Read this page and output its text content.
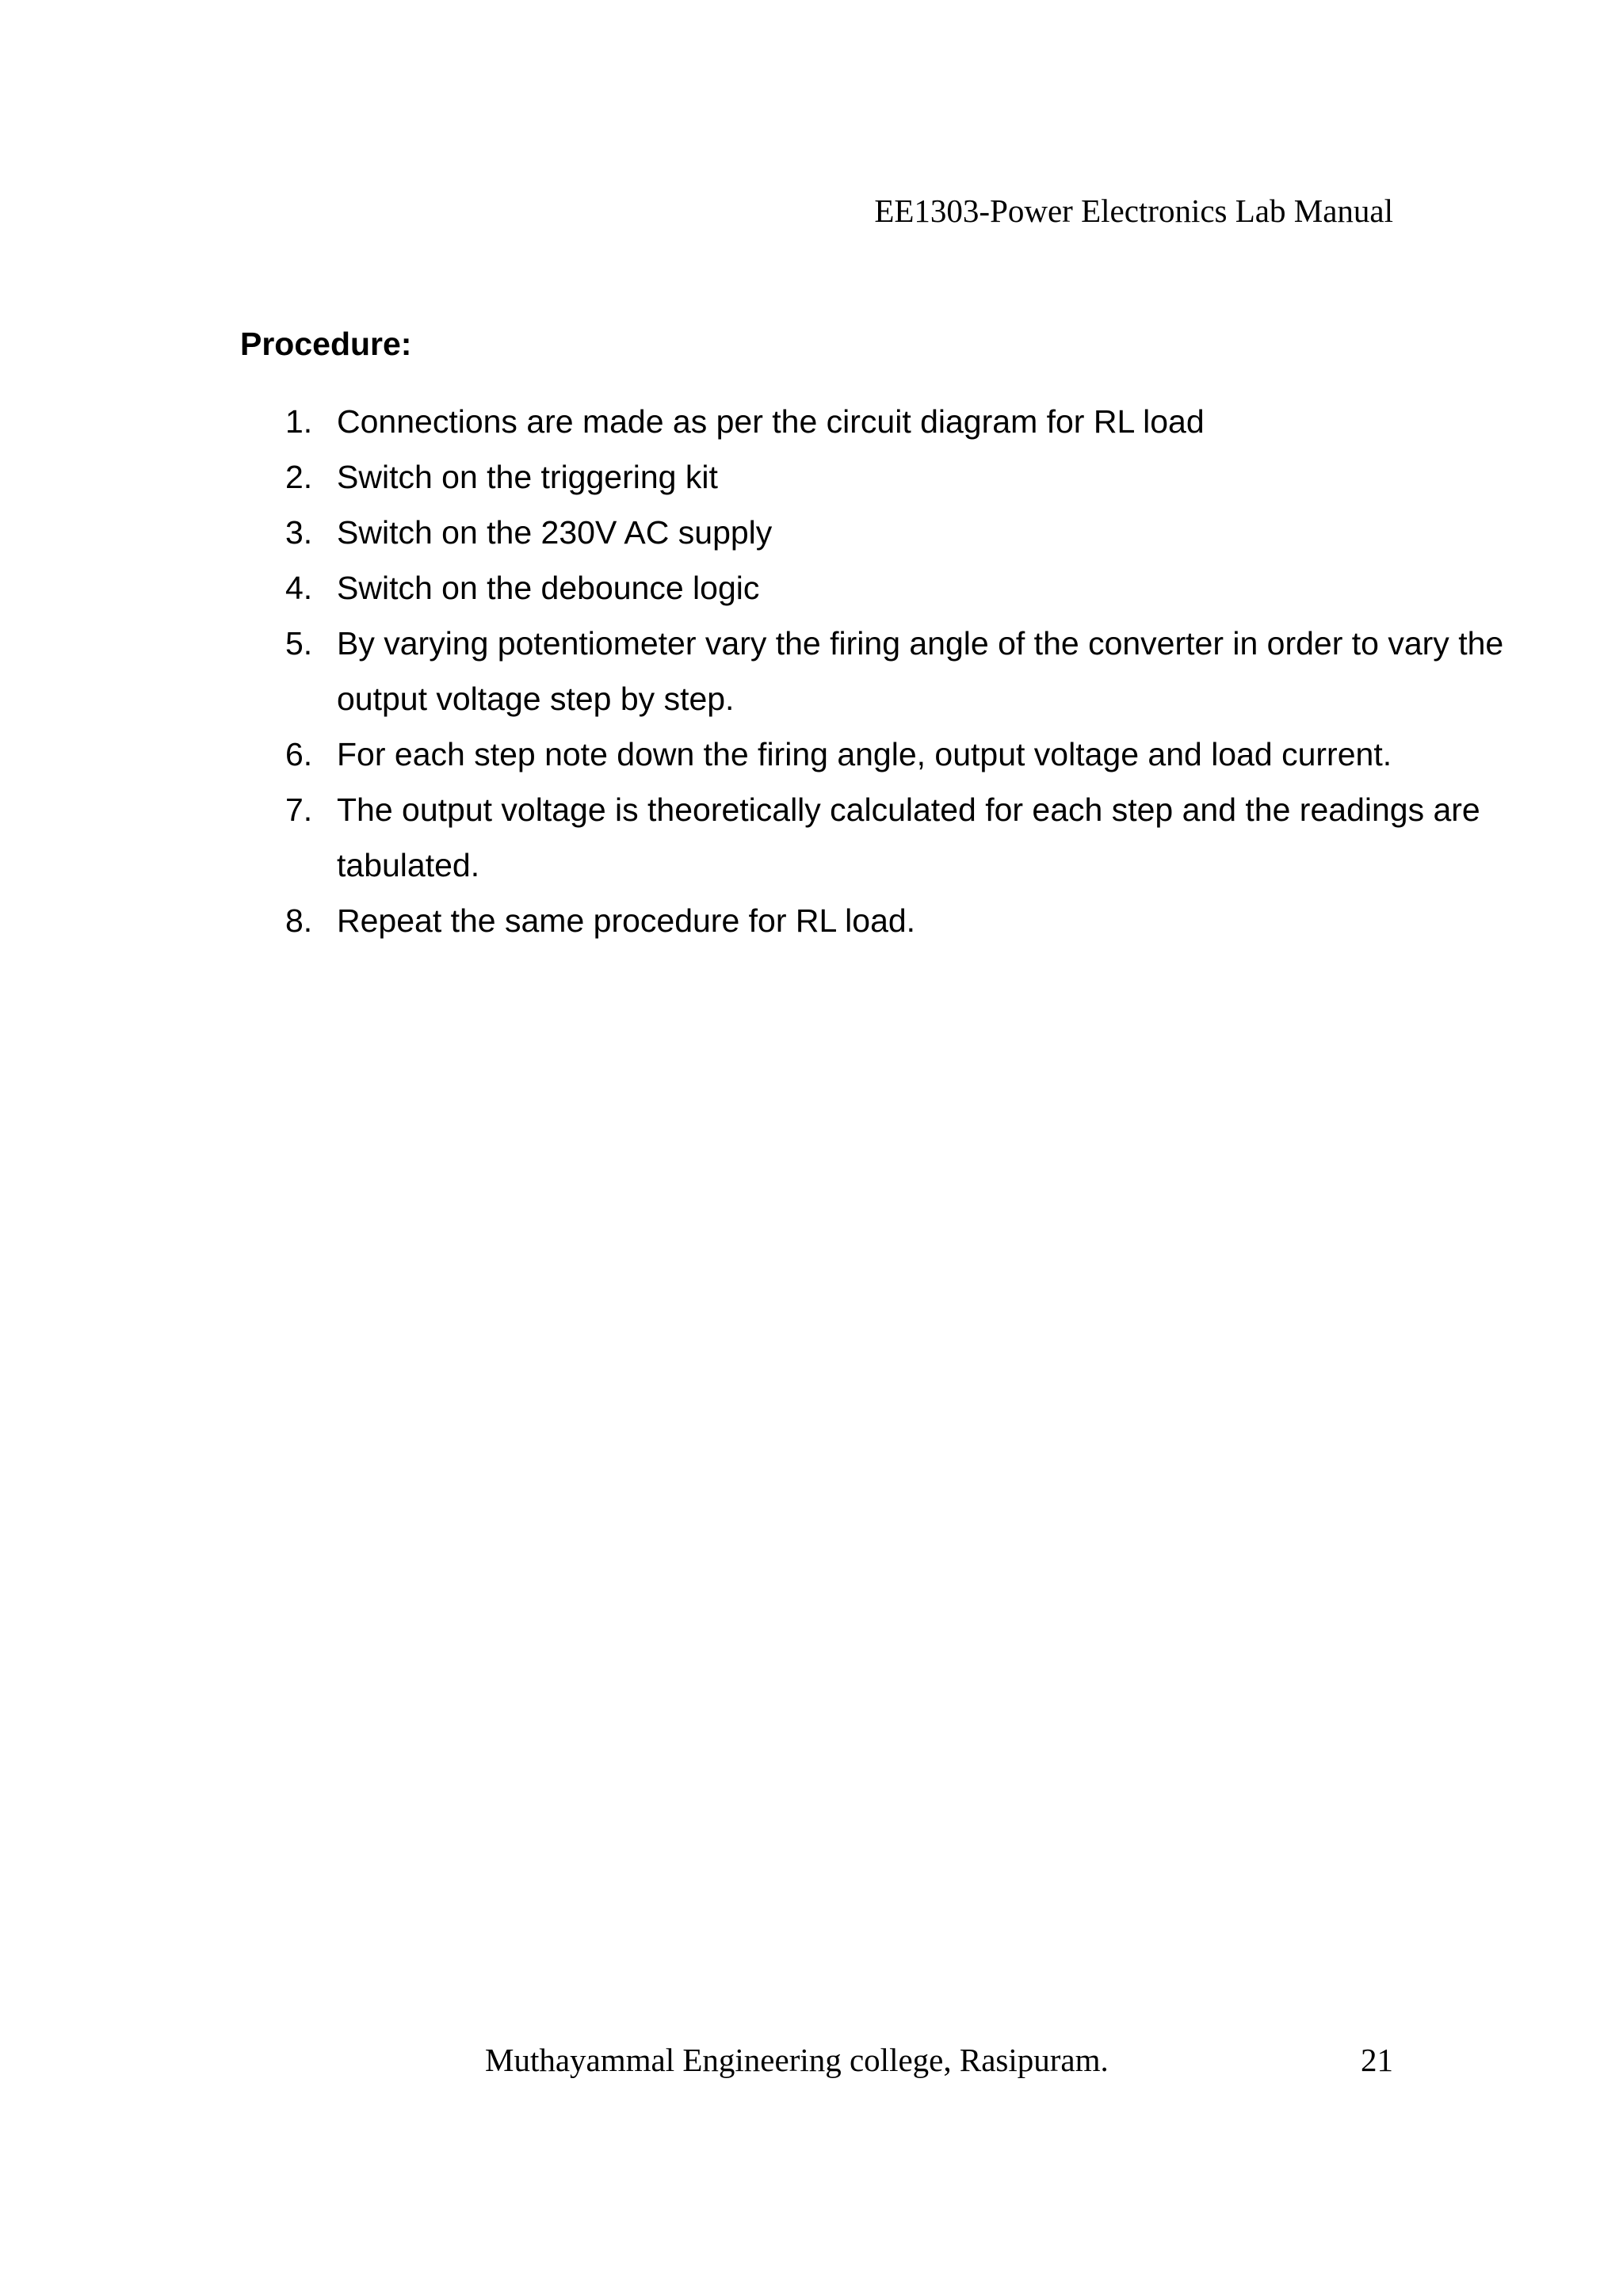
EE1303-Power Electronics Lab Manual
Procedure:
1. Connections are made as per the circuit diagram for RL load
2. Switch on the triggering kit
3. Switch on the 230V AC supply
4. Switch on the debounce logic
5. By varying potentiometer vary the firing angle of the converter in order to vary the output voltage step by step.
6. For each step note down the firing angle, output voltage and load current.
7. The output voltage is theoretically calculated for each step and the readings are tabulated.
8. Repeat the same procedure for RL load.
Muthayammal Engineering college, Rasipuram.	21
